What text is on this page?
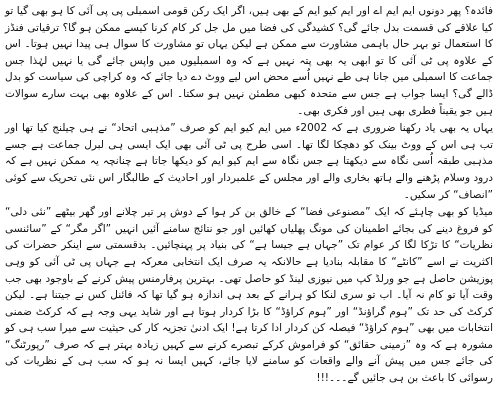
فائدہ؟ پھر دونوں ایم ایم اے اور ایم کیو ایم کے بھی ہیں، اگر ایک رکن قومی اسمبلی پی پی آئی کا ہو بھی گیا تو کیا علاقے کی قسمت بدل جائے گی؟ کشیدگی کی فضا میں مل جل کر کام کرنا کیسے ممکن ہو گا؟ ترقیاتی فنڈز کا استعمال تو بہر حال باہمی مشاورت سے ممکن ہے لیکن یہاں تو مشاورت کا سوال ہی پیدا نہیں ہوتا۔ اس کے علاوہ پی ٹی آئی کا تو ابھی یہ بھی پتہ نہیں ہے کہ وہ اسمبلیوں میں واپس جائے گی یا نہیں لہٰذا جس جماعت کا اسمبلی میں جانا ہی طے نہیں اُسے محض اس لیے ووٹ دے دیا جائے کہ وہ کراچی کی سیاست کو بدل ڈالے گی؟ ایسا جواب ہے جس سے متحدہ کبھی مطمئن نہیں ہو سکتا۔ اس کے علاوہ بھی بہت سارے سوالات ہیں جو یقیناً فطری بھی ہیں اور فکری بھی۔

یہاں یہ بھی یاد رکھنا ضروری ہے کہ 2002ء میں ایم کیو ایم کو صرف ”مذہبی اتحاد“ نے ہی چیلنج کیا تھا اور تب ہی اس کے ووٹ بینک کو دھچکا لگا تھا۔ اسی طرح پی ٹی آئی بھی ایک ایسی ہی لبرل جماعت ہے جسے مذہبی طبقہ اُسی نگاہ سے دیکھتا ہے جس نگاہ سے ایم کیو ایم کو دیکھا جاتا ہے چنانچہ یہ ممکن نہیں ہے کہ درود وسلام پڑھنے والے ہاتھ بخاری والے اور مجلس کے علمبردار اور احادیث کے طالبگار اس نئی تحریک سے کوئی ”انصاف“ کر سکیں۔

میڈیا کو بھی چاہئے کہ ایک ”مصنوعی فضا“ کے خالق بن کر ہوا کے دوش پر تیر چلانے اور گھر بیٹھے ”نئی دلی“ کو فروغ دینے کی بجائے اطمینان کی مونگ پھلیاں کھائیں اور جو نتائج سامنے آئیں انہیں ”اگر مگر“ کے ”سائنسی نظریات“ کا تڑکا لگا کر عوام تک ”جہاں ہے جیسا ہے“ کی بنیاد پر پہنچائیں۔ بدقسمتی سے اینکر حضرات کی اکثریت نے اسے ”کانٹے“ کا مقابلہ بنادیا ہے حالانکہ یہ صرف ایک انتخابی معرکہ ہے جہاں پی ٹی آئی کو وہی پوزیشن حاصل ہے جو ورلڈ کپ میں نیوزی لینڈ کو حاصل تھی۔ بہترین پرفارمنس پیش کرنے کے باوجود بھی جب وقت آیا تو کام نہ آیا۔ اب تو سری لنکا کو ہرانے کے بعد ہی اندازہ ہو گیا تھا کہ فائنل کس نے جیتنا ہے۔ لیکن کرکٹ کی حد تک ”ہوم گراؤنڈ“ اور ”ہوم کراؤڈ“ کا بڑا کردار ہوتا ہے اور شاید یہی وجہ ہے کہ کرکٹ ضمنی انتخابات میں بھی ”ہوم کراؤڈ“ فیصلہ کن کردار ادا کرتا ہے! ایک ادنیٰ تجزیہ کار کی حیثیت سے میرا سب ہی کو مشورہ ہے کہ وہ ”زمینی حقائق“ کو فراموش کرکے تبصرے کرنے سے کہیں زیادہ بہتر ہے کہ صرف ”رپورٹنگ“ کی جائے جس میں پیش آنے والے واقعات کو سامنے لایا جائے، کہیں ایسا نہ ہو کہ سب ہی کے نظریات کی رسوائی کا باعث بن ہی جائیں گے۔۔۔!!!
